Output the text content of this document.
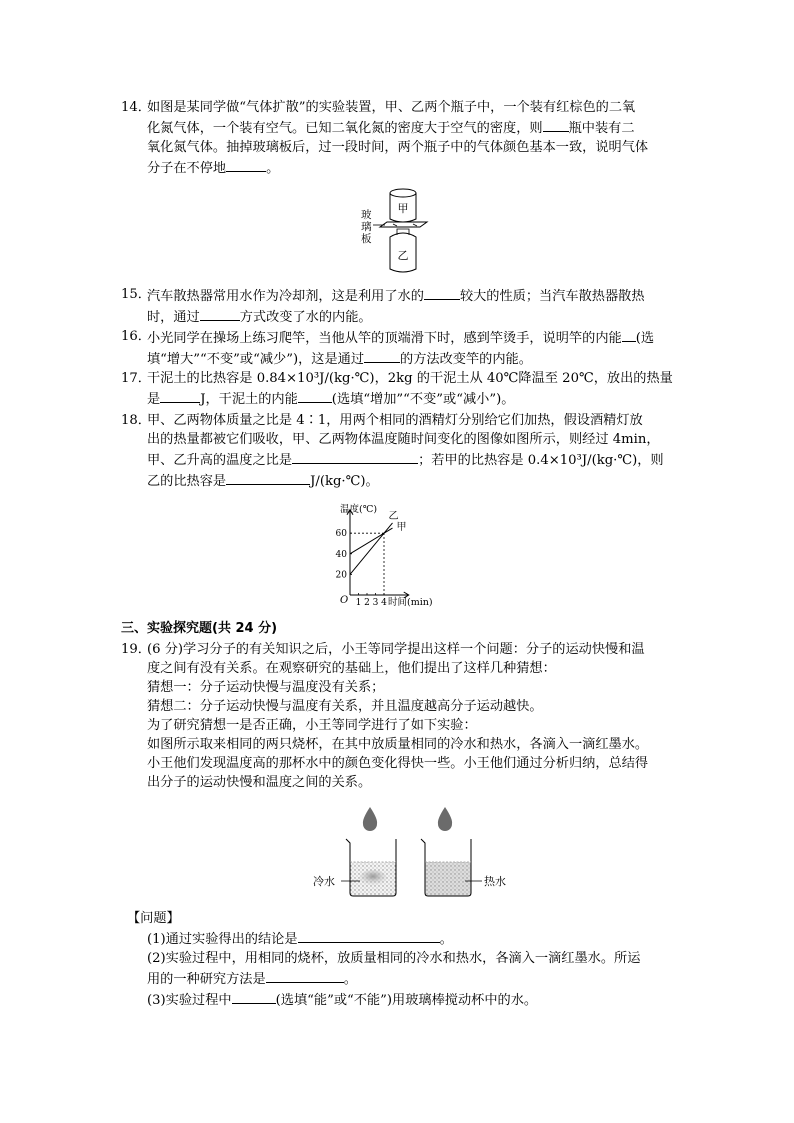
14．
如图是某同学做“气体扩散”的实验装置，甲、乙两个瓶子中，一个装有红棕色的二氧
化氮气体，一个装有空气。已知二氧化氮的密度大于空气的密度，则 瓶中装有二
氧化氮气体。抽掉玻璃板后，过一段时间，两个瓶子中的气体颜色基本一致，说明气体
分子在不停地	。
甲
乙
玻
璃
板
15．
汽车散热器常用水作为冷却剂，这是利用了水的	较大的性质；当汽车散热器散热
时，通过	方式改变了水的内能。
16．
小光同学在操场上练习爬竿，当他从竿的顶端滑下时，感到竿烫手，说明竿的内能 (选
填“增大”“不变”或“减少”)，这是通过	的方法改变竿的内能。
17．
干泥土的比热容是 0.84×10³J/(kg·℃)，2kg 的干泥土从 40℃降温至 20℃，放出的热量
是	J，干泥土的内能	(选填“增加”“不变”或“减小”)。
18．
甲、乙两物体质量之比是 4∶1，用两个相同的酒精灯分别给它们加热，假设酒精灯放
出的热量都被它们吸收，甲、乙两物体温度随时间变化的图像如图所示，则经过 4min，
甲、乙升高的温度之比是	；若甲的比热容是 0.4×10³J/(kg·℃)，则
乙的比热容是	J/(kg·℃)。
1 2 3 4
20
40
60
甲
乙
温度(℃)
时间(min)
O
三、实验探究题(共 24 分)
19．
(6 分)学习分子的有关知识之后，小王等同学提出这样一个问题：分子的运动快慢和温
度之间有没有关系。在观察研究的基础上，他们提出了这样几种猜想：
猜想一：分子运动快慢与温度没有关系；
猜想二：分子运动快慢与温度有关系，并且温度越高分子运动越快。
为了研究猜想一是否正确，小王等同学进行了如下实验：
如图所示取来相同的两只烧杯，在其中放质量相同的冷水和热水，各滴入一滴红墨水。
小王他们发现温度高的那杯水中的颜色变化得快一些。小王他们通过分析归纳，总结得
出分子的运动快慢和温度之间的关系。
冷水	热水
【问题】
(1)通过实验得出的结论是	。
(2)实验过程中，用相同的烧杯，放质量相同的冷水和热水，各滴入一滴红墨水。所运
用的一种研究方法是	。
(3)实验过程中	(选填“能”或“不能”)用玻璃棒搅动杯中的水。
